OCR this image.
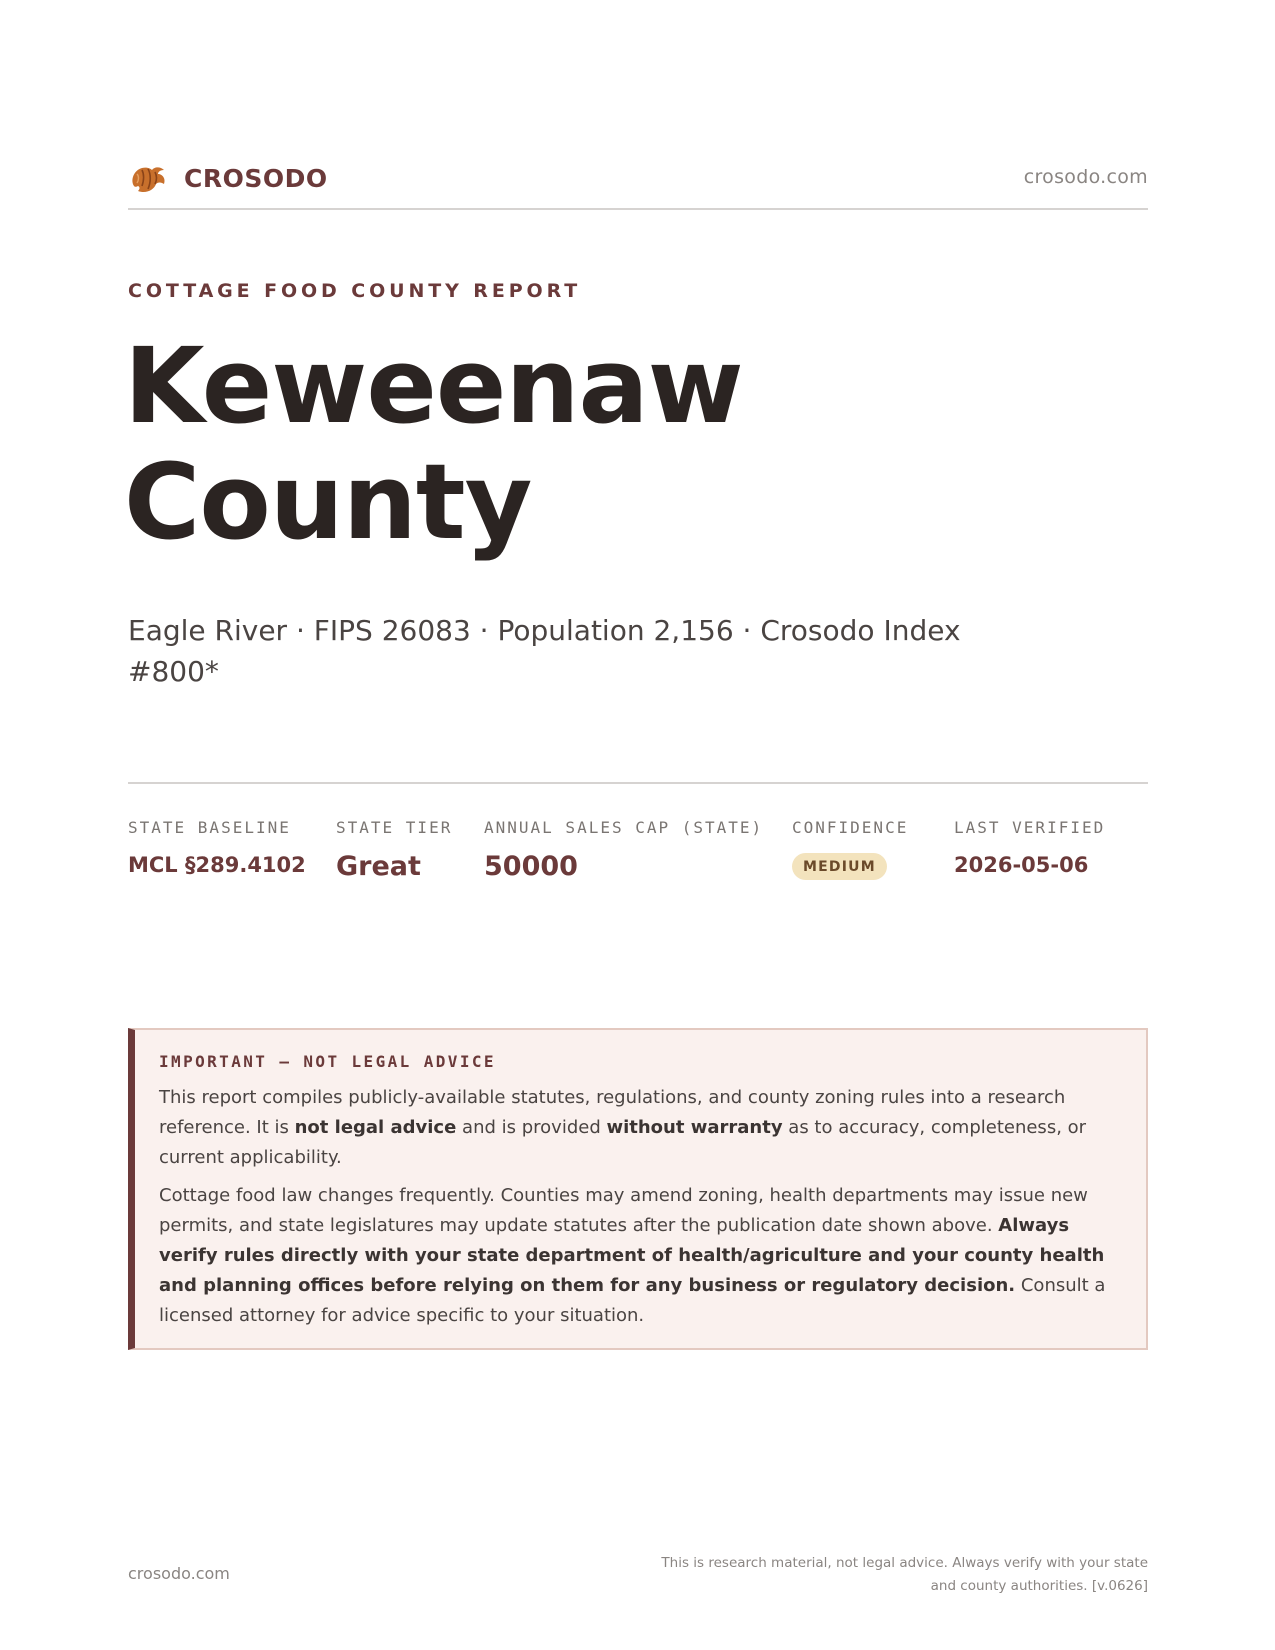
CROSODO	crosodo.com
COTTAGE FOOD COUNTY REPORT
Keweenaw
County
Eagle River · FIPS 26083 · Population 2,156 · Crosodo Index #800*
STATE BASELINE
MCL §289.4102
STATE TIER
Great
ANNUAL SALES CAP (STATE)
50000
CONFIDENCE
MEDIUM
LAST VERIFIED
2026-05-06
IMPORTANT — NOT LEGAL ADVICE

This report compiles publicly-available statutes, regulations, and county zoning rules into a research reference. It is not legal advice and is provided without warranty as to accuracy, completeness, or current applicability.

Cottage food law changes frequently. Counties may amend zoning, health departments may issue new permits, and state legislatures may update statutes after the publication date shown above. Always verify rules directly with your state department of health/agriculture and your county health and planning offices before relying on them for any business or regulatory decision. Consult a licensed attorney for advice specific to your situation.

crosodo.com
This is research material, not legal advice. Always verify with your state
and county authorities. [v.0626]
